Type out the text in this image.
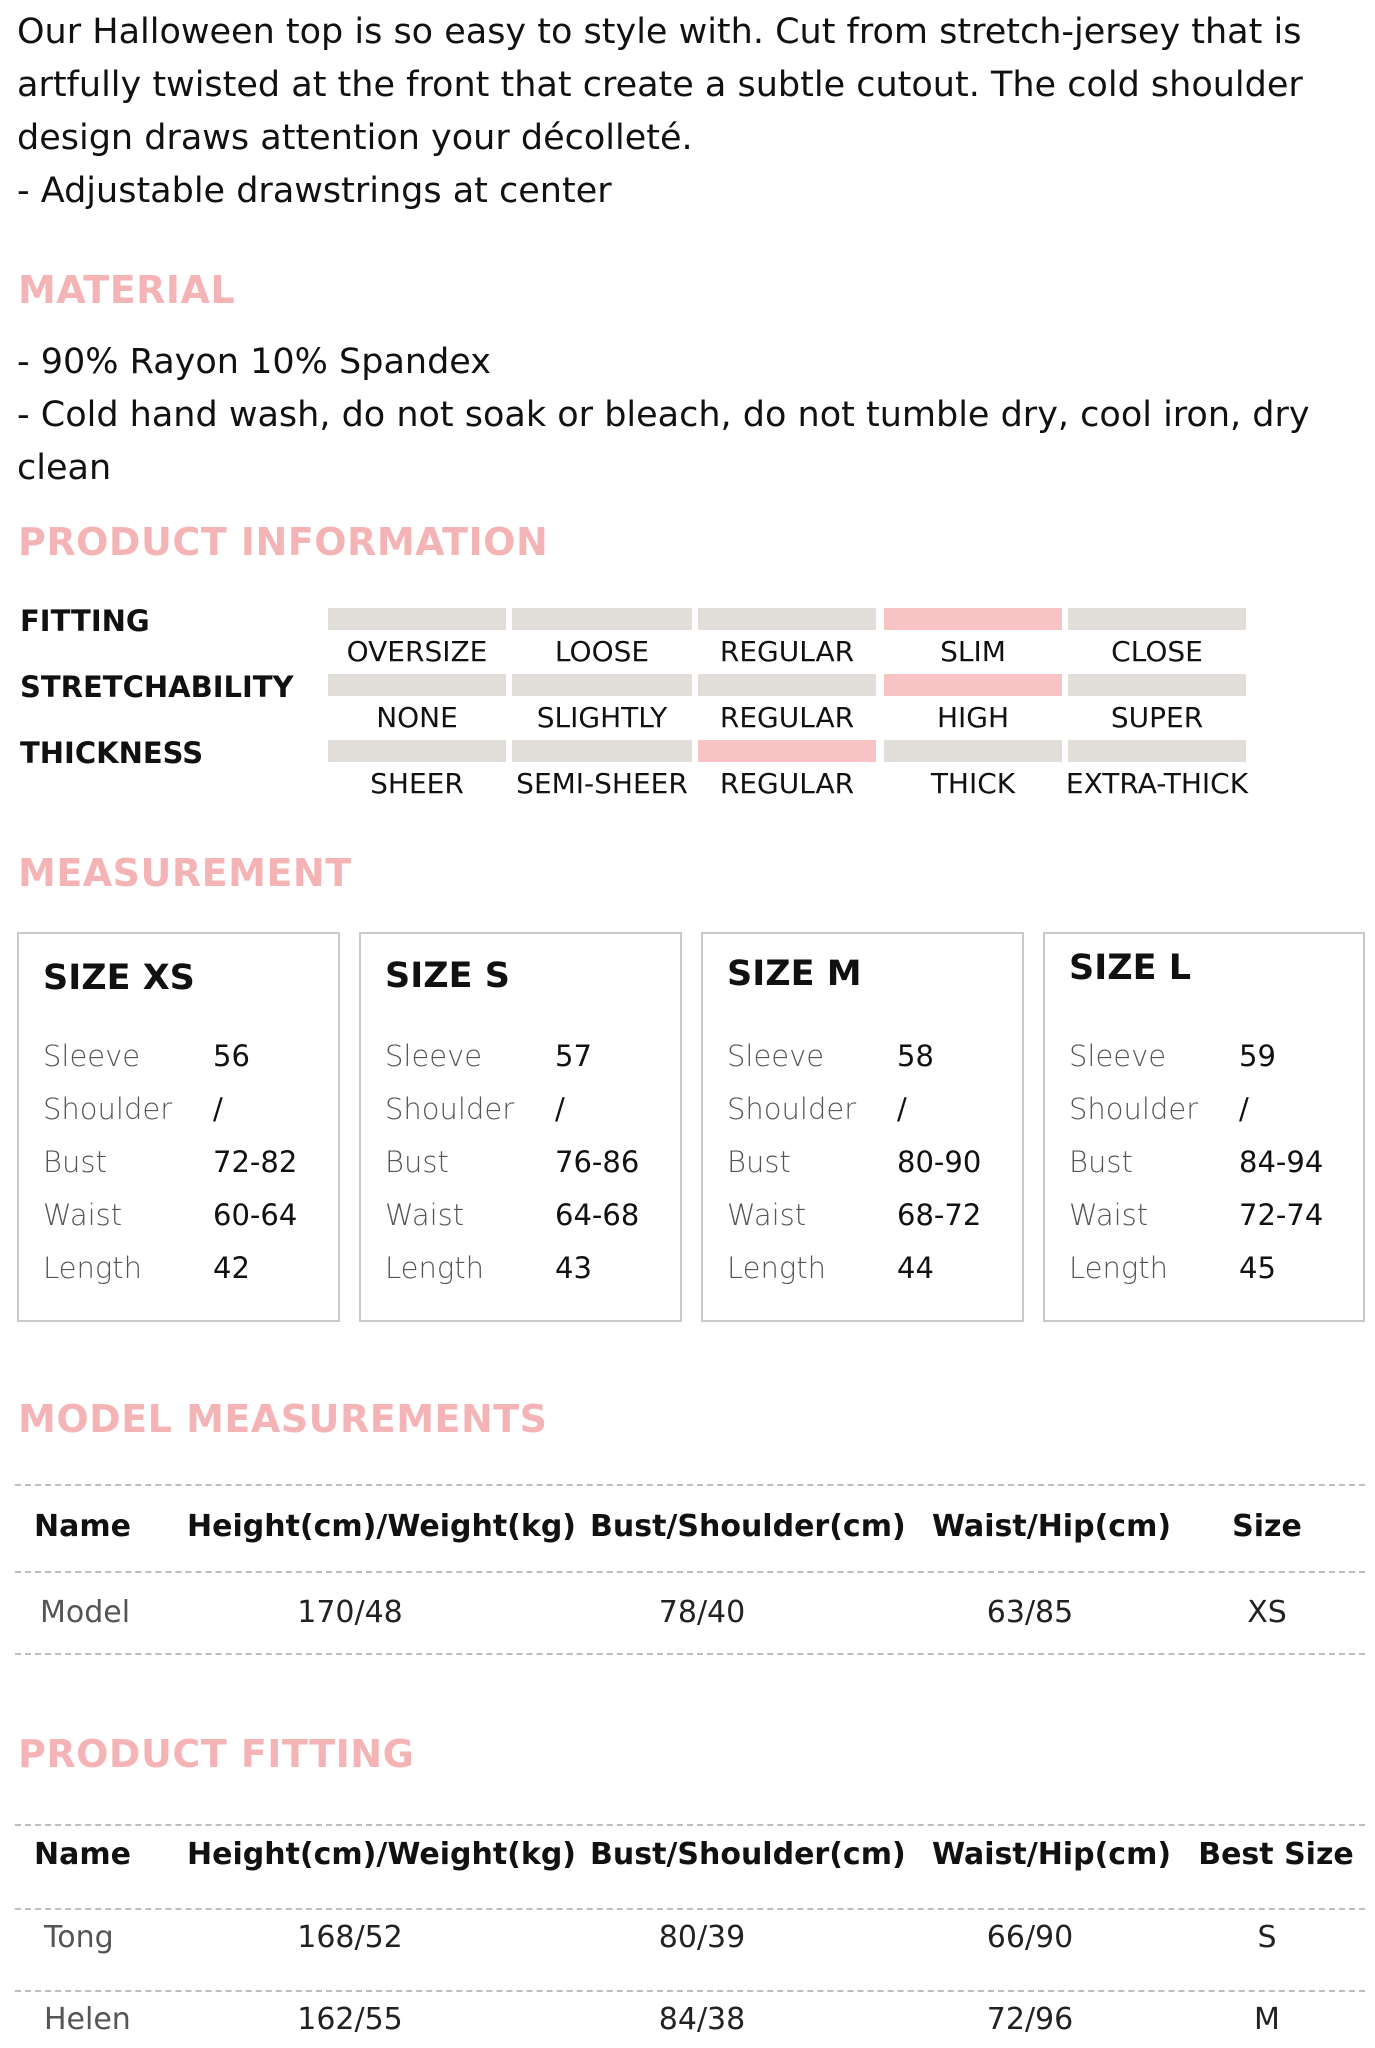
Our Halloween top is so easy to style with. Cut from stretch-jersey that is artfully twisted at the front that create a subtle cutout. The cold shoulder design draws attention your décolleté.

- Adjustable drawstrings at center

MATERIAL

- 90% Rayon 10% Spandex

- Cold hand wash, do not soak or bleach, do not tumble dry, cool iron, dry clean

PRODUCT INFORMATION
FITTING
OVERSIZE	LOOSE	REGULAR	SLIM	CLOSE
STRETCHABILITY
NONE	SLIGHTLY	REGULAR	HIGH	SUPER
THICKNESS
SHEER	SEMI-SHEER	REGULAR	THICK	EXTRA-THICK
MEASUREMENT
SIZE XS
Sleeve	56
Shoulder /
Bust	72-82
Waist	60-64
Length 42
SIZE S
Sleeve	57
Shoulder /
Bust	76-86
Waist	64-68
Length 43
SIZE M
Sleeve	58
Shoulder /
Bust	80-90
Waist	68-72
Length 44
SIZE L
Sleeve	59
Shoulder /
Bust	84-94
Waist	72-74
Length 45
MODEL MEASUREMENTS
Name Height(cm)/Weight(kg) Bust/Shoulder(cm) Waist/Hip(cm) Size
Model	170/48	78/40	63/85	XS
PRODUCT FITTING
Name Height(cm)/Weight(kg) Bust/Shoulder(cm) Waist/Hip(cm) Best Size
Tong	168/52	80/39	66/90	S
Helen	162/55	84/38	72/96	M
